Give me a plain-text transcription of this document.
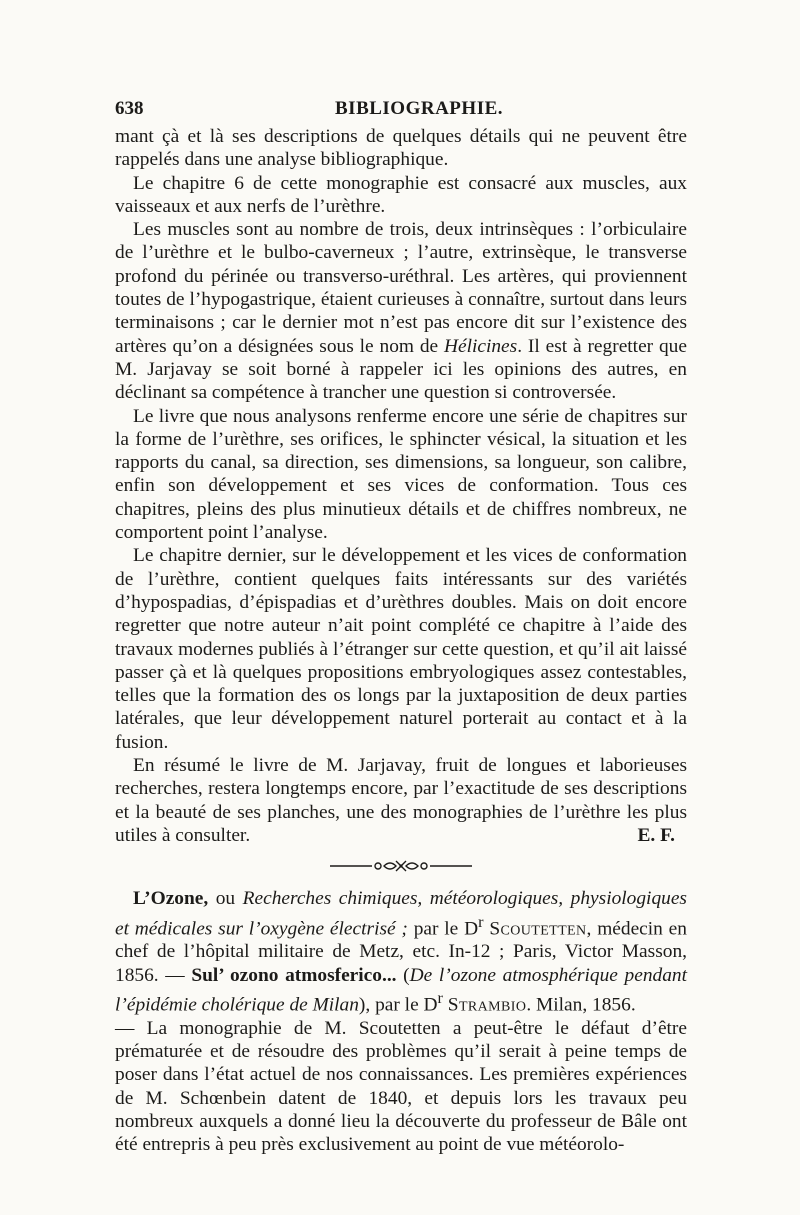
638	BIBLIOGRAPHIE.

mant çà et là ses descriptions de quelques détails qui ne peuvent être rappelés dans une analyse bibliographique.

Le chapitre 6 de cette monographie est consacré aux muscles, aux vaisseaux et aux nerfs de l’urèthre.

Les muscles sont au nombre de trois, deux intrinsèques : l’orbiculaire de l’urèthre et le bulbo-caverneux ; l’autre, extrinsèque, le transverse profond du périnée ou transverso-uréthral. Les artères, qui proviennent toutes de l’hypogastrique, étaient curieuses à connaître, surtout dans leurs terminaisons ; car le dernier mot n’est pas encore dit sur l’existence des artères qu’on a désignées sous le nom de Hélicines. Il est à regretter que M. Jarjavay se soit borné à rappeler ici les opinions des autres, en déclinant sa compétence à trancher une question si controversée.

Le livre que nous analysons renferme encore une série de chapitres sur la forme de l’urèthre, ses orifices, le sphincter vésical, la situation et les rapports du canal, sa direction, ses dimensions, sa longueur, son calibre, enfin son développement et ses vices de conformation. Tous ces chapitres, pleins des plus minutieux détails et de chiffres nombreux, ne comportent point l’analyse.

Le chapitre dernier, sur le développement et les vices de conformation de l’urèthre, contient quelques faits intéressants sur des variétés d’hypospadias, d’épispadias et d’urèthres doubles. Mais on doit encore regretter que notre auteur n’ait point complété ce chapitre à l’aide des travaux modernes publiés à l’étranger sur cette question, et qu’il ait laissé passer çà et là quelques propositions embryologiques assez contestables, telles que la formation des os longs par la juxtaposition de deux parties latérales, que leur développement naturel porterait au contact et à la fusion.

En résumé le livre de M. Jarjavay, fruit de longues et laborieuses recherches, restera longtemps encore, par l’exactitude de ses descriptions et la beauté de ses planches, une des monographies de l’urèthre les plus utiles à consulter.	E. F.

L’Ozone, ou Recherches chimiques, météorologiques, physiologiques et médicales sur l’oxygène électrisé ; par le $D^r$ Scoutetten, médecin en chef de l’hôpital militaire de Metz, etc. In-12 ; Paris, Victor Masson, 1856. — Sul’ ozono atmosferico... (De l’ozone atmosphérique pendant l’épidémie cholérique de Milan), par le $D^r$ Strambio. Milan, 1856.

— La monographie de M. Scoutetten a peut-être le défaut d’être prématurée et de résoudre des problèmes qu’il serait à peine temps de poser dans l’état actuel de nos connaissances. Les premières expériences de M. Schœnbein datent de 1840, et depuis lors les travaux peu nombreux auxquels a donné lieu la découverte du professeur de Bâle ont été entrepris à peu près exclusivement au point de vue météorolo-
